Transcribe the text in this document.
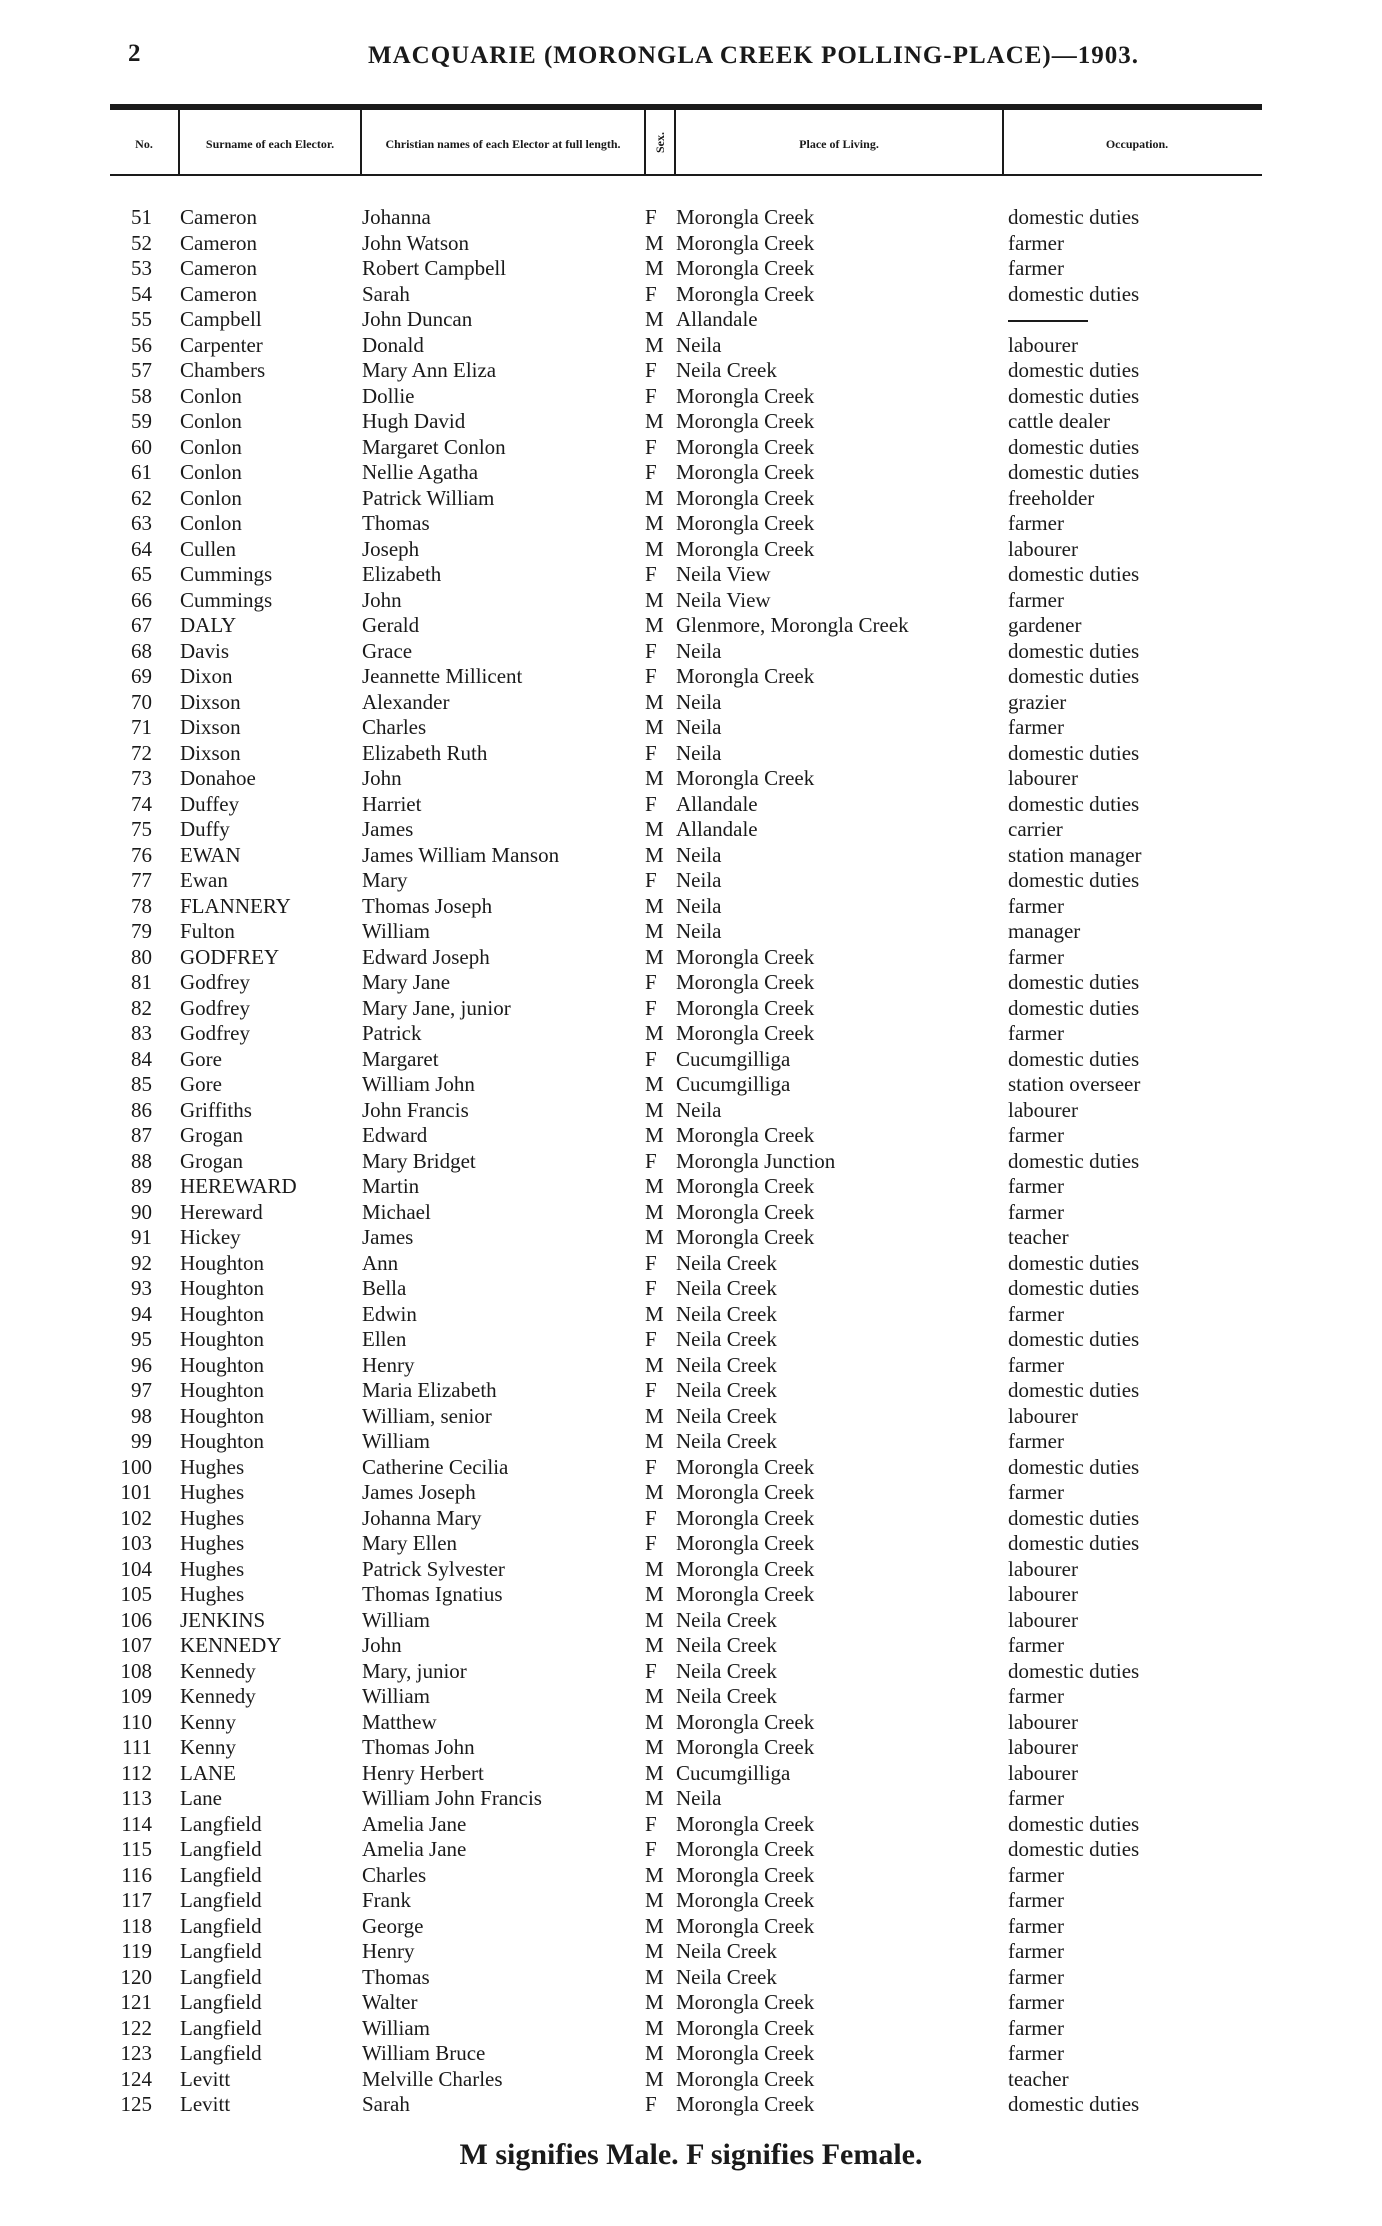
2	MACQUARIE (MORONGLA CREEK POLLING-PLACE)—1903.
No.	Surname of each Elector.	Christian names of each Elector at full length.	Sex.	Place of Living.	Occupation.
51 Cameron	Johanna	F Morongla Creek	domestic duties
52 Cameron	John Watson	M Morongla Creek	farmer
53 Cameron	Robert Campbell	M Morongla Creek	farmer
54 Cameron	Sarah	F Morongla Creek	domestic duties
55 Campbell	John Duncan	M Allandale
56 Carpenter	Donald	M Neila	labourer
57 Chambers	Mary Ann Eliza	F Neila Creek	domestic duties
58 Conlon	Dollie	F Morongla Creek	domestic duties
59 Conlon	Hugh David	M Morongla Creek	cattle dealer
60 Conlon	Margaret Conlon	F Morongla Creek	domestic duties
61 Conlon	Nellie Agatha	F Morongla Creek	domestic duties
62 Conlon	Patrick William	M Morongla Creek	freeholder
63 Conlon	Thomas	M Morongla Creek	farmer
64 Cullen	Joseph	M Morongla Creek	labourer
65 Cummings	Elizabeth	F Neila View	domestic duties
66 Cummings	John	M Neila View	farmer
67 DALY	Gerald	M Glenmore, Morongla Creek	gardener
68 Davis	Grace	F Neila	domestic duties
69 Dixon	Jeannette Millicent	F Morongla Creek	domestic duties
70 Dixson	Alexander	M Neila	grazier
71 Dixson	Charles	M Neila	farmer
72 Dixson	Elizabeth Ruth	F Neila	domestic duties
73 Donahoe	John	M Morongla Creek	labourer
74 Duffey	Harriet	F Allandale	domestic duties
75 Duffy	James	M Allandale	carrier
76 EWAN	James William Manson	M Neila	station manager
77 Ewan	Mary	F Neila	domestic duties
78 FLANNERY	Thomas Joseph	M Neila	farmer
79 Fulton	William	M Neila	manager
80 GODFREY	Edward Joseph	M Morongla Creek	farmer
81 Godfrey	Mary Jane	F Morongla Creek	domestic duties
82 Godfrey	Mary Jane, junior	F Morongla Creek	domestic duties
83 Godfrey	Patrick	M Morongla Creek	farmer
84 Gore	Margaret	F Cucumgilliga	domestic duties
85 Gore	William John	M Cucumgilliga	station overseer
86 Griffiths	John Francis	M Neila	labourer
87 Grogan	Edward	M Morongla Creek	farmer
88 Grogan	Mary Bridget	F Morongla Junction	domestic duties
89 HEREWARD	Martin	M Morongla Creek	farmer
90 Hereward	Michael	M Morongla Creek	farmer
91 Hickey	James	M Morongla Creek	teacher
92 Houghton	Ann	F Neila Creek	domestic duties
93 Houghton	Bella	F Neila Creek	domestic duties
94 Houghton	Edwin	M Neila Creek	farmer
95 Houghton	Ellen	F Neila Creek	domestic duties
96 Houghton	Henry	M Neila Creek	farmer
97 Houghton	Maria Elizabeth	F Neila Creek	domestic duties
98 Houghton	William, senior	M Neila Creek	labourer
99 Houghton	William	M Neila Creek	farmer
100 Hughes	Catherine Cecilia	F Morongla Creek	domestic duties
101 Hughes	James Joseph	M Morongla Creek	farmer
102 Hughes	Johanna Mary	F Morongla Creek	domestic duties
103 Hughes	Mary Ellen	F Morongla Creek	domestic duties
104 Hughes	Patrick Sylvester	M Morongla Creek	labourer
105 Hughes	Thomas Ignatius	M Morongla Creek	labourer
106 JENKINS	William	M Neila Creek	labourer
107 KENNEDY	John	M Neila Creek	farmer
108 Kennedy	Mary, junior	F Neila Creek	domestic duties
109 Kennedy	William	M Neila Creek	farmer
110 Kenny	Matthew	M Morongla Creek	labourer
111 Kenny	Thomas John	M Morongla Creek	labourer
112 LANE	Henry Herbert	M Cucumgilliga	labourer
113 Lane	William John Francis	M Neila	farmer
114 Langfield	Amelia Jane	F Morongla Creek	domestic duties
115 Langfield	Amelia Jane	F Morongla Creek	domestic duties
116 Langfield	Charles	M Morongla Creek	farmer
117 Langfield	Frank	M Morongla Creek	farmer
118 Langfield	George	M Morongla Creek	farmer
119 Langfield	Henry	M Neila Creek	farmer
120 Langfield	Thomas	M Neila Creek	farmer
121 Langfield	Walter	M Morongla Creek	farmer
122 Langfield	William	M Morongla Creek	farmer
123 Langfield	William Bruce	M Morongla Creek	farmer
124 Levitt	Melville Charles	M Morongla Creek	teacher
125 Levitt	Sarah	F Morongla Creek	domestic duties
M signifies Male. F signifies Female.
